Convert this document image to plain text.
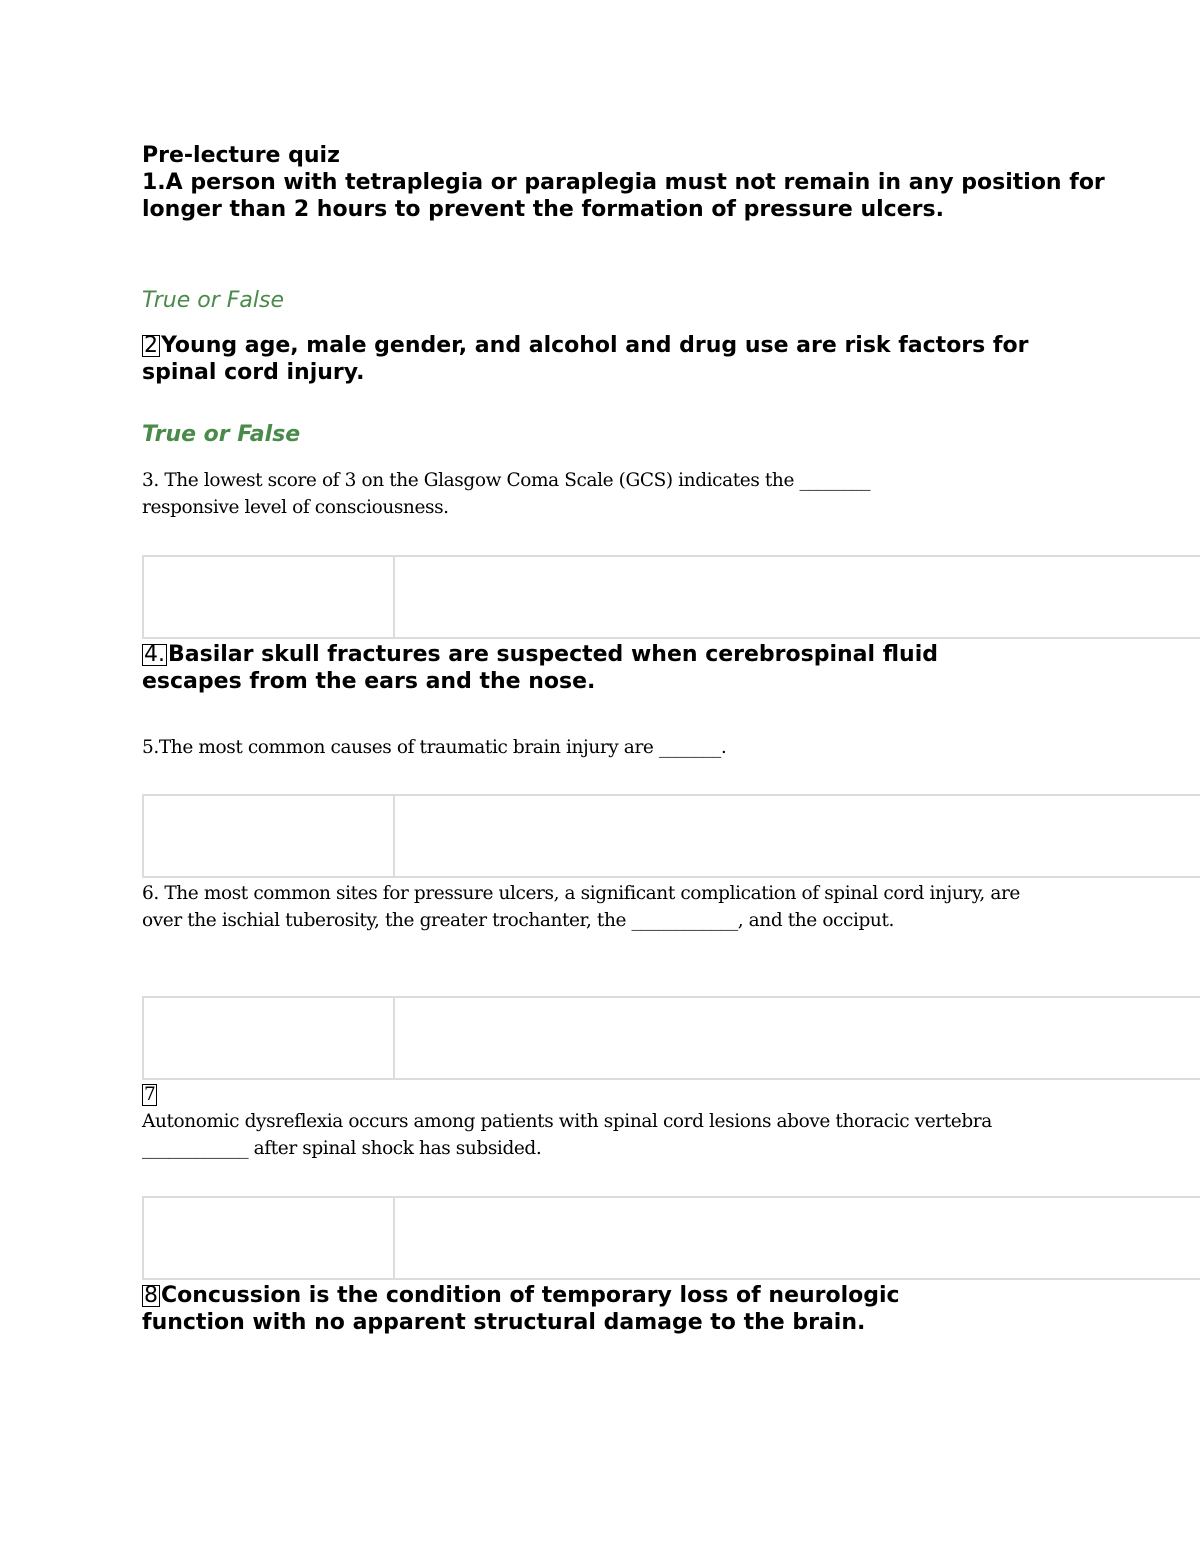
Pre-lecture quiz
1.A person with tetraplegia or paraplegia must not remain in any position for longer than 2 hours to prevent the formation of pressure ulcers.
True or False
2 Young age, male gender, and alcohol and drug use are risk factors for spinal cord injury.
True or False
3. The lowest score of 3 on the Glasgow Coma Scale (GCS) indicates the ________ responsive level of consciousness.
4. Basilar skull fractures are suspected when cerebrospinal fluid escapes from the ears and the nose.
5.The most common causes of traumatic brain injury are _______.
6. The most common sites for pressure ulcers, a significant complication of spinal cord injury, are over the ischial tuberosity, the greater trochanter, the ____________, and the occiput.
7
Autonomic dysreflexia occurs among patients with spinal cord lesions above thoracic vertebra ____________ after spinal shock has subsided.
8 Concussion is the condition of temporary loss of neurologic function with no apparent structural damage to the brain.
